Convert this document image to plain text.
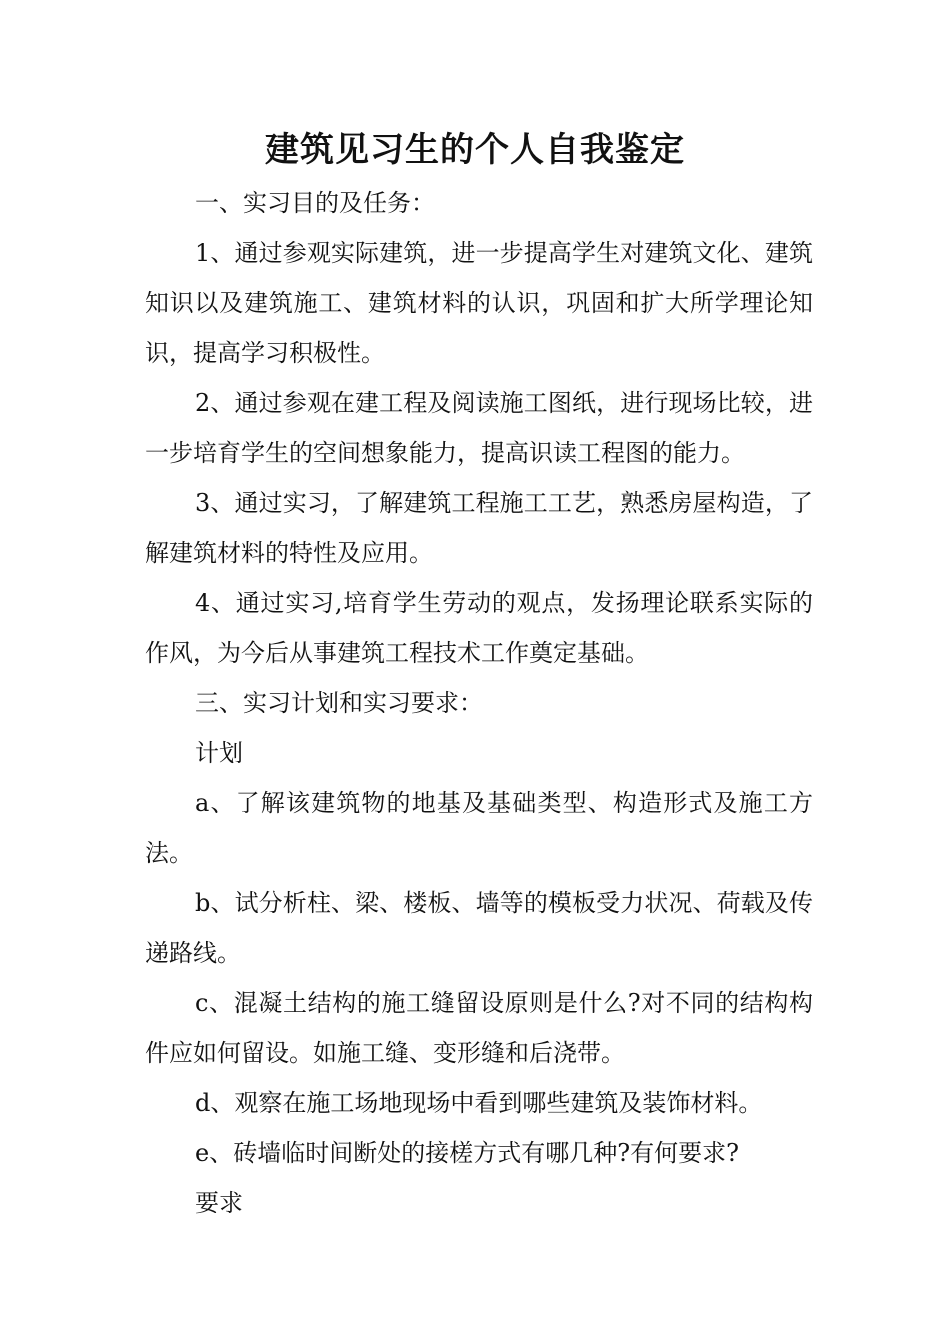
建筑见习生的个人自我鉴定

一、实习目的及任务：

1、通过参观实际建筑，进一步提高学生对建筑文化、建筑知识以及建筑施工、建筑材料的认识，巩固和扩大所学理论知识，提高学习积极性。

2、通过参观在建工程及阅读施工图纸，进行现场比较，进一步培育学生的空间想象能力，提高识读工程图的能力。

3、通过实习，了解建筑工程施工工艺，熟悉房屋构造，了解建筑材料的特性及应用。

4、通过实习,培育学生劳动的观点，发扬理论联系实际的作风，为今后从事建筑工程技术工作奠定基础。

三、实习计划和实习要求：

计划

a、了解该建筑物的地基及基础类型、构造形式及施工方法。

b、试分析柱、梁、楼板、墙等的模板受力状况、荷载及传递路线。

c、混凝土结构的施工缝留设原则是什么?对不同的结构构件应如何留设。如施工缝、变形缝和后浇带。

d、观察在施工场地现场中看到哪些建筑及装饰材料。

e、砖墙临时间断处的接槎方式有哪几种?有何要求?

要求
